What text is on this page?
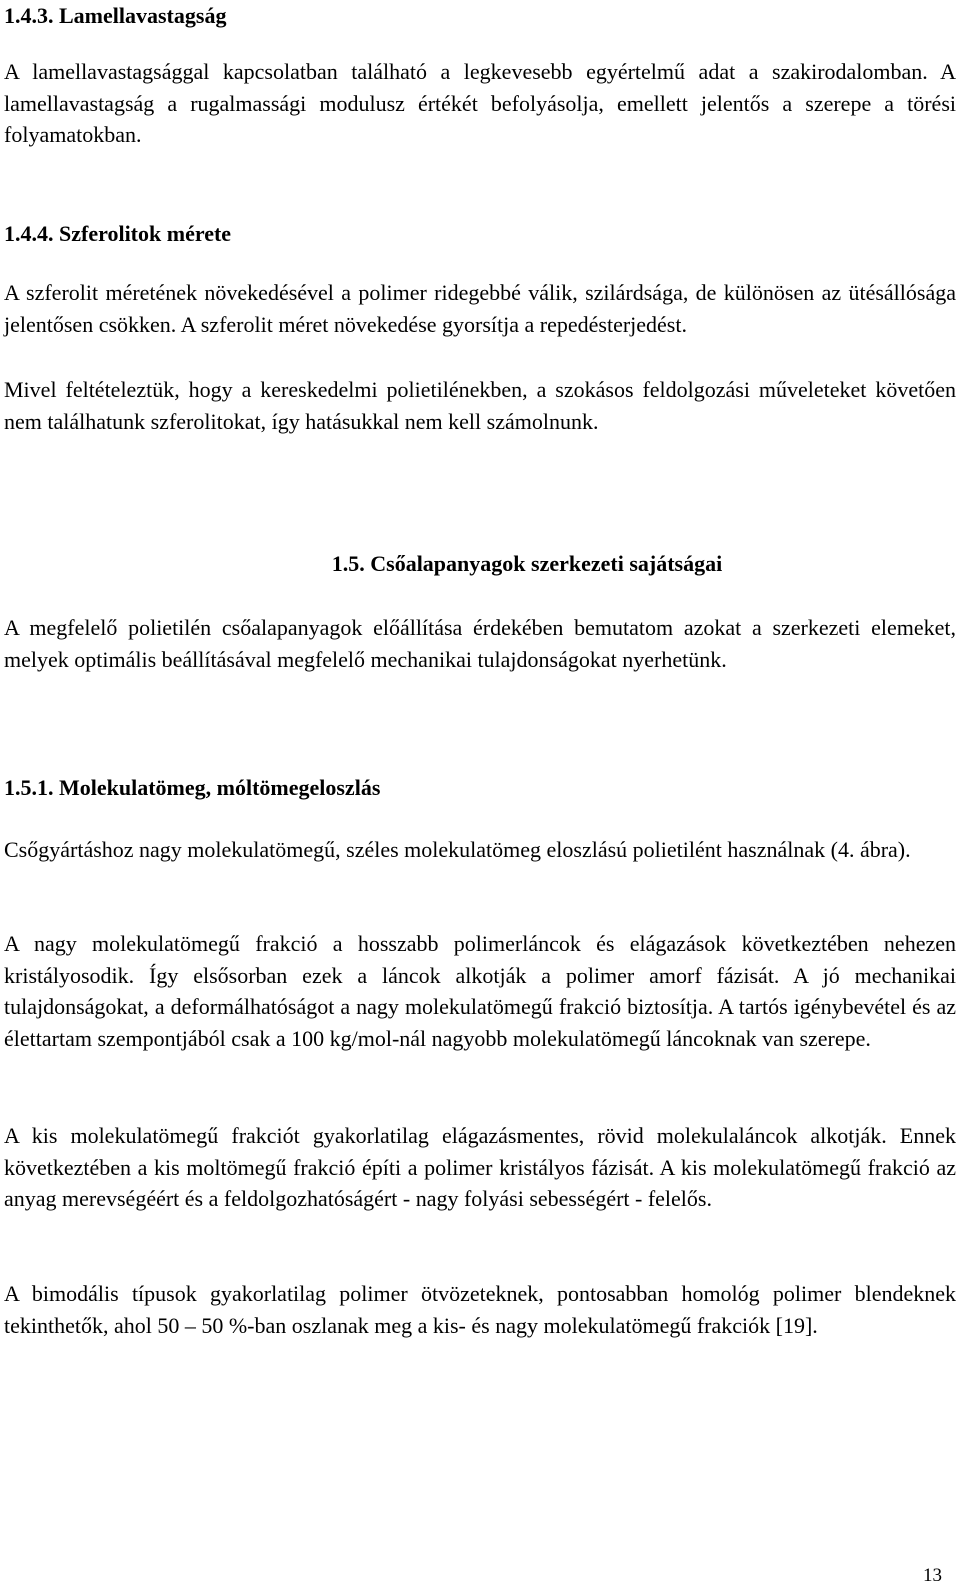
1.4.3. Lamellavastagság

A lamellavastagsággal kapcsolatban található a legkevesebb egyértelmű adat a szakirodalomban. A lamellavastagság a rugalmassági modulusz értékét befolyásolja, emellett jelentős a szerepe a törési folyamatokban.

1.4.4. Szferolitok mérete

A szferolit méretének növekedésével a polimer ridegebbé válik, szilárdsága, de különösen az ütésállósága jelentősen csökken. A szferolit méret növekedése gyorsítja a repedésterjedést.

Mivel feltételeztük, hogy a kereskedelmi polietilénekben, a szokásos feldolgozási műveleteket követően nem találhatunk szferolitokat, így hatásukkal nem kell számolnunk.

1.5. Csőalapanyagok szerkezeti sajátságai

A megfelelő polietilén csőalapanyagok előállítása érdekében bemutatom azokat a szerkezeti elemeket, melyek optimális beállításával megfelelő mechanikai tulajdonságokat nyerhetünk.

1.5.1. Molekulatömeg, móltömegeloszlás

Csőgyártáshoz nagy molekulatömegű, széles molekulatömeg eloszlású polietilént használnak (4. ábra).

A nagy molekulatömegű frakció a hosszabb polimerláncok és elágazások következtében nehezen kristályosodik. Így elsősorban ezek a láncok alkotják a polimer amorf fázisát. A jó mechanikai tulajdonságokat, a deformálhatóságot a nagy molekulatömegű frakció biztosítja. A tartós igénybevétel és az élettartam szempontjából csak a 100 kg/mol-nál nagyobb molekulatömegű láncoknak van szerepe.

A kis molekulatömegű frakciót gyakorlatilag elágazásmentes, rövid molekulaláncok alkotják. Ennek következtében a kis moltömegű frakció építi a polimer kristályos fázisát. A kis molekulatömegű frakció az anyag merevségéért és a feldolgozhatóságért - nagy folyási sebességért - felelős.

A bimodális típusok gyakorlatilag polimer ötvözeteknek, pontosabban homológ polimer blendeknek tekinthetők, ahol 50 – 50 %-ban oszlanak meg a kis- és nagy molekulatömegű frakciók [19].

13
